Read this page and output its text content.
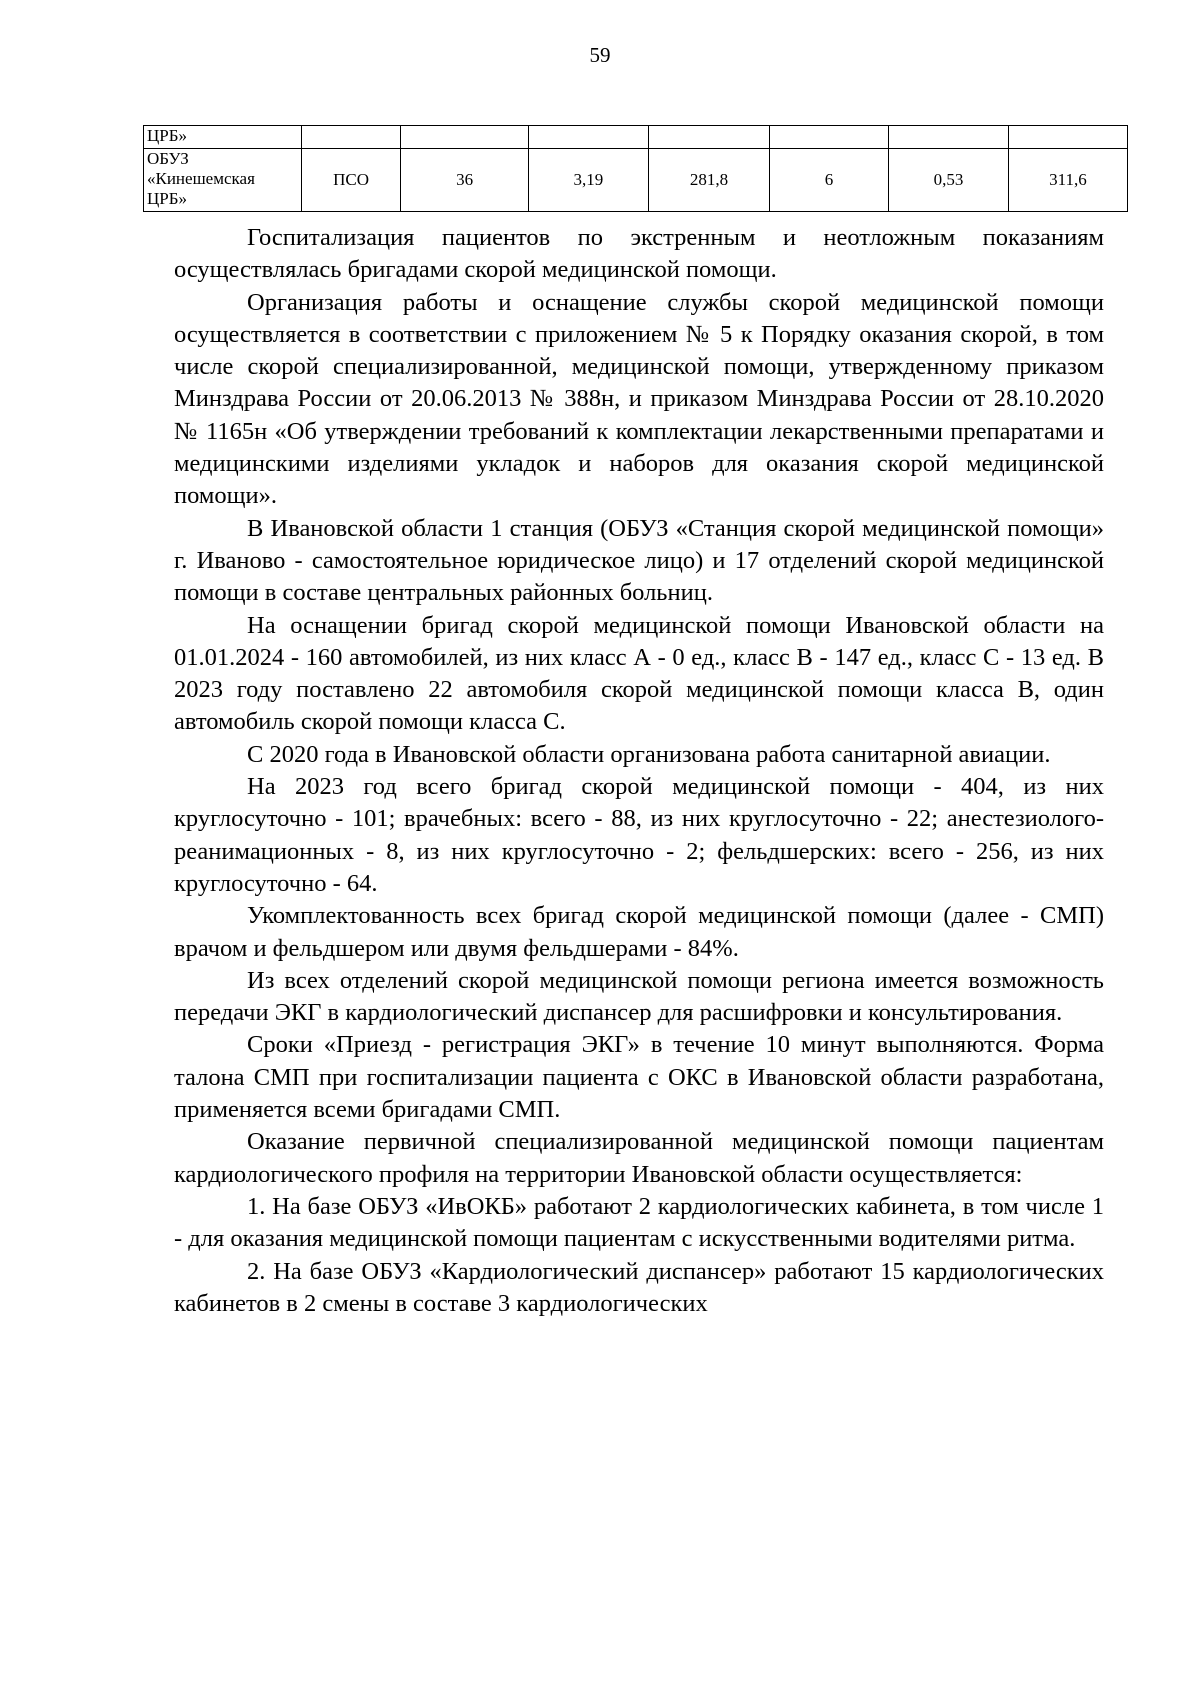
59
ЦРБ»							
ОБУЗ
«Кинешемская
ЦРБ»	ПСО	36	3,19	281,8	6	0,53	311,6

Госпитализация пациентов по экстренным и неотложным показаниям осуществлялась бригадами скорой медицинской помощи.

Организация работы и оснащение службы скорой медицинской помощи осуществляется в соответствии с приложением № 5 к Порядку оказания скорой, в том числе скорой специализированной, медицинской помощи, утвержденному приказом Минздрава России от 20.06.2013 № 388н, и приказом Минздрава России от 28.10.2020 № 1165н «Об утверждении требований к комплектации лекарственными препаратами и медицинскими изделиями укладок и наборов для оказания скорой медицинской помощи».

В Ивановской области 1 станция (ОБУЗ «Станция скорой медицинской помощи» г. Иваново - самостоятельное юридическое лицо) и 17 отделений скорой медицинской помощи в составе центральных районных больниц.

На оснащении бригад скорой медицинской помощи Ивановской области на 01.01.2024 - 160 автомобилей, из них класс А - 0 ед., класс В - 147 ед., класс С - 13 ед. В 2023 году поставлено 22 автомобиля скорой медицинской помощи класса В, один автомобиль скорой помощи класса С.

С 2020 года в Ивановской области организована работа санитарной авиации.

На 2023 год всего бригад скорой медицинской помощи - 404, из них круглосуточно - 101; врачебных: всего - 88, из них круглосуточно - 22; анестезиолого-реанимационных - 8, из них круглосуточно - 2; фельдшерских: всего - 256, из них круглосуточно - 64.

Укомплектованность всех бригад скорой медицинской помощи (далее - СМП) врачом и фельдшером или двумя фельдшерами - 84%.

Из всех отделений скорой медицинской помощи региона имеется возможность передачи ЭКГ в кардиологический диспансер для расшифровки и консультирования.

Сроки «Приезд - регистрация ЭКГ» в течение 10 минут выполняются. Форма талона СМП при госпитализации пациента с ОКС в Ивановской области разработана, применяется всеми бригадами СМП.

Оказание первичной специализированной медицинской помощи пациентам кардиологического профиля на территории Ивановской области осуществляется:

1. На базе ОБУЗ «ИвОКБ» работают 2 кардиологических кабинета, в том числе 1 - для оказания медицинской помощи пациентам с искусственными водителями ритма.

2. На базе ОБУЗ «Кардиологический диспансер» работают 15 кардиологических кабинетов в 2 смены в составе 3 кардиологических
